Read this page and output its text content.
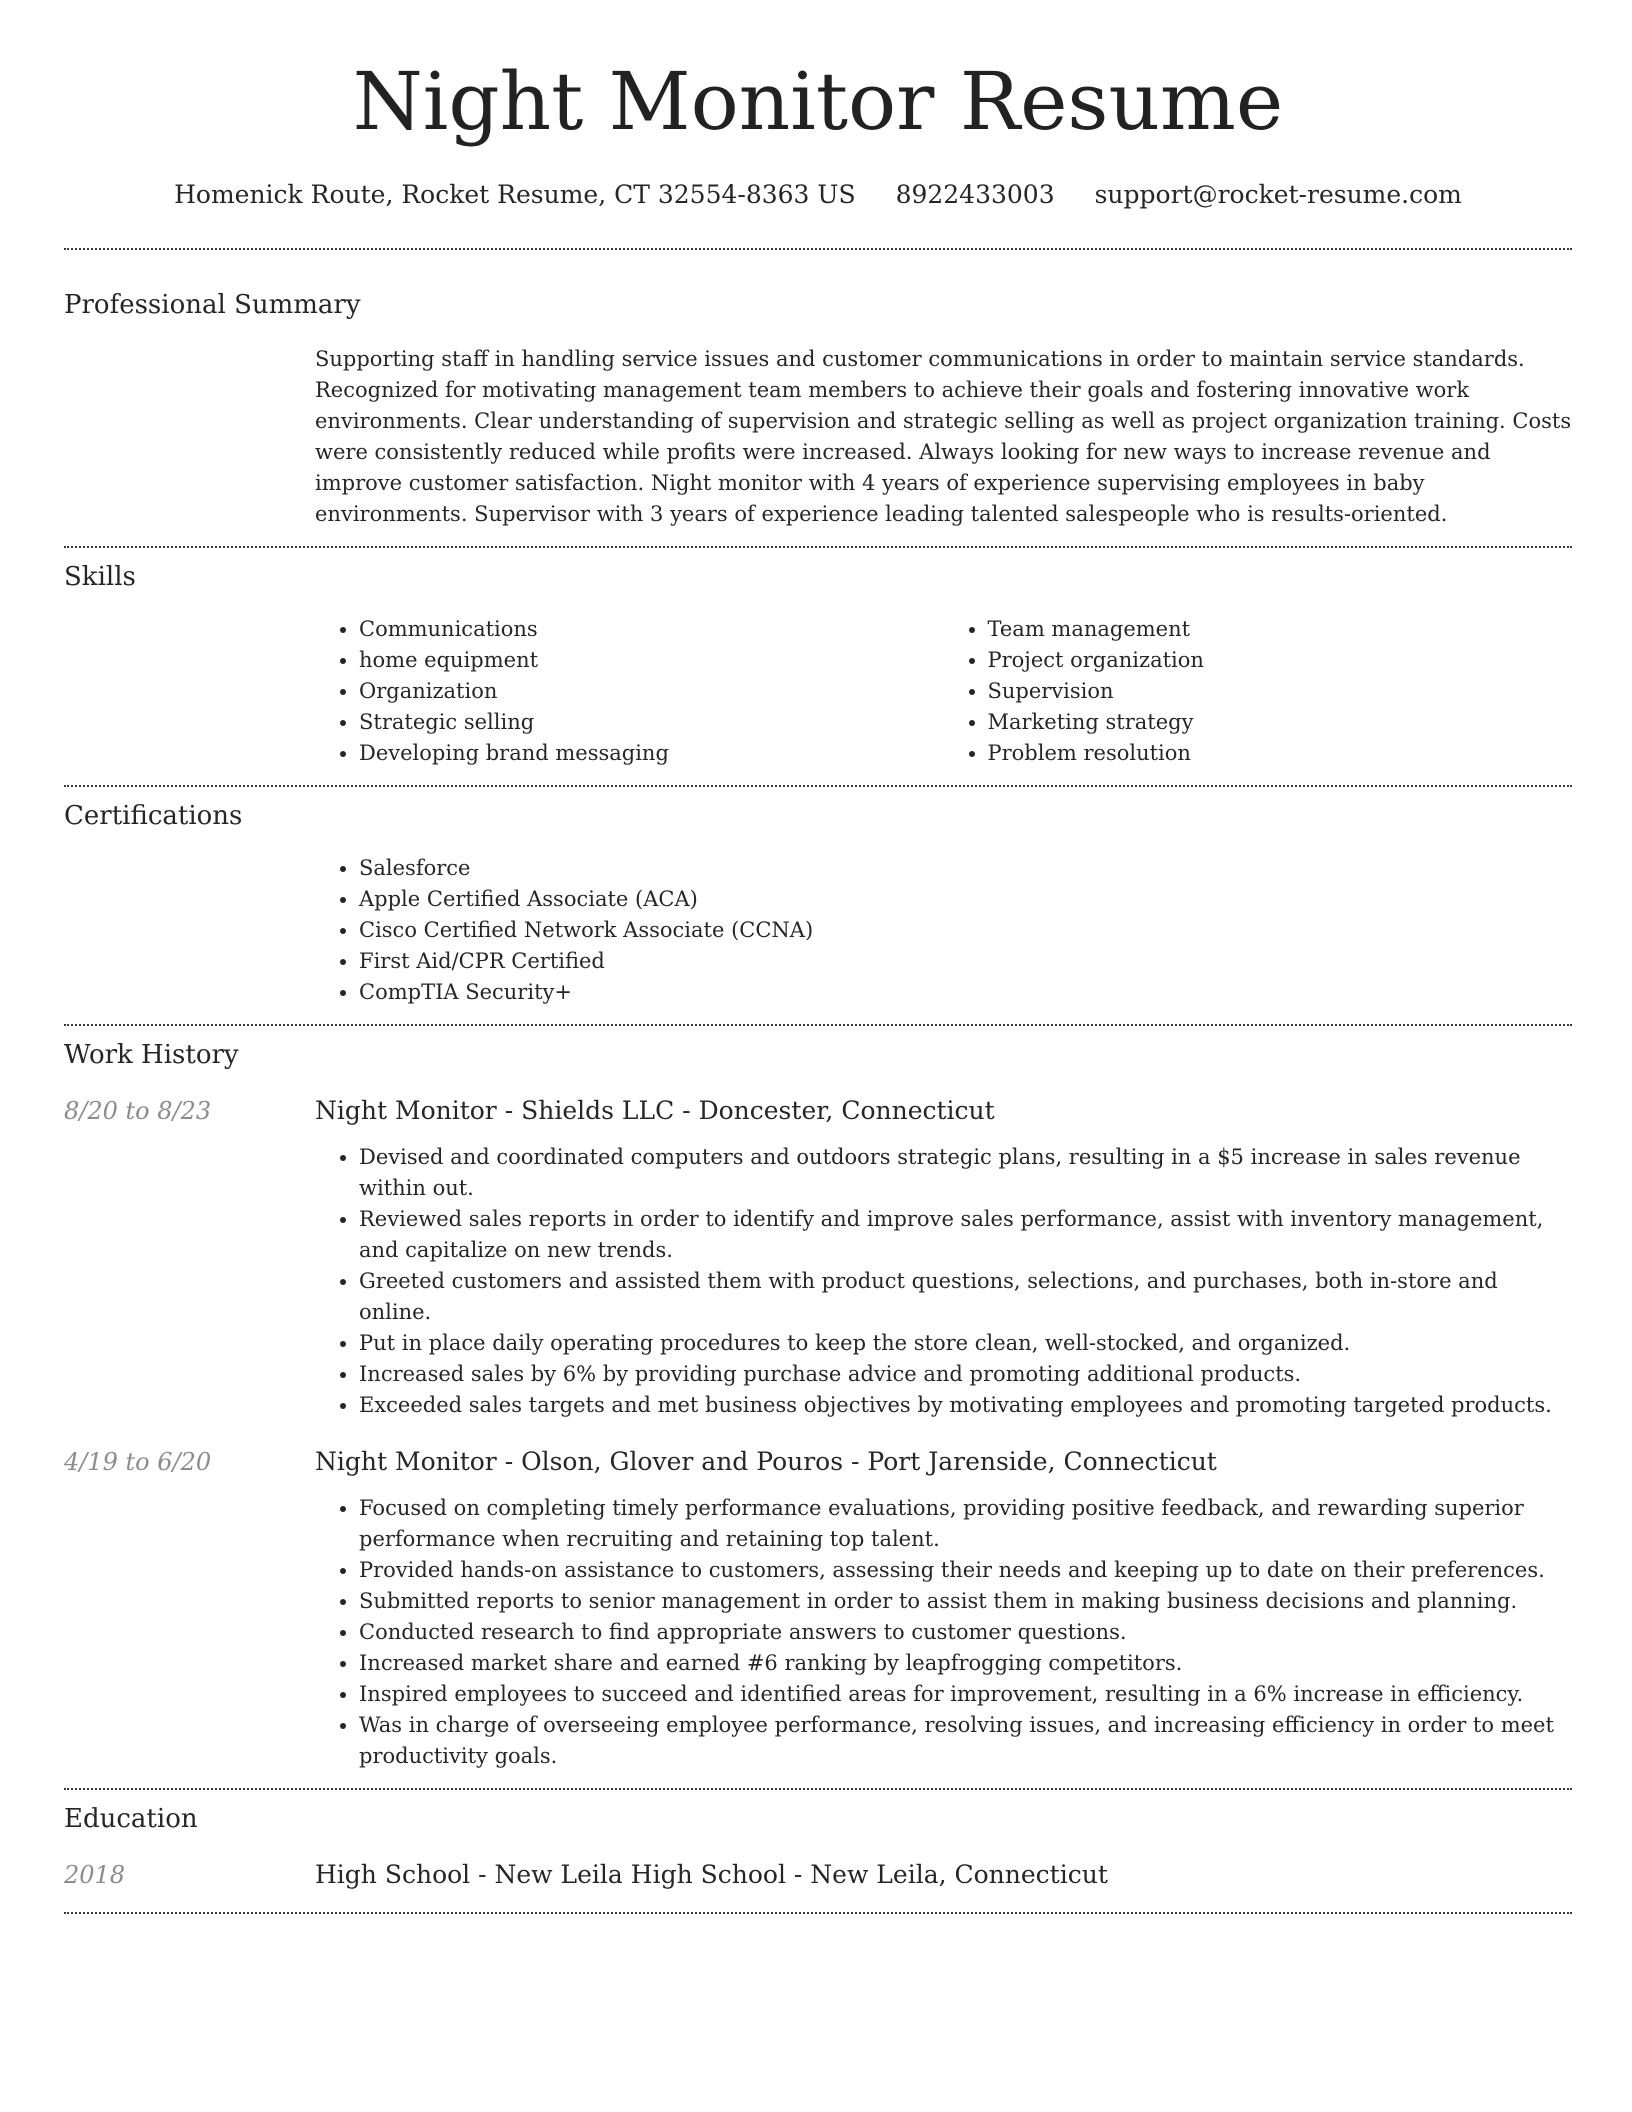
Night Monitor Resume
Homenick Route, Rocket Resume, CT 32554-8363 US 8922433003 support@rocket-resume.com
Professional Summary

Supporting staff in handling service issues and customer communications in order to maintain service standards. Recognized for motivating management team members to achieve their goals and fostering innovative work environments. Clear understanding of supervision and strategic selling as well as project organization training. Costs were consistently reduced while profits were increased. Always looking for new ways to increase revenue and improve customer satisfaction. Night monitor with 4 years of experience supervising employees in baby environments. Supervisor with 3 years of experience leading talented salespeople who is results-oriented.

Skills
• Communications
• home equipment
• Organization
• Strategic selling
• Developing brand messaging
• Team management
• Project organization
• Supervision
• Marketing strategy
• Problem resolution
Certifications
• Salesforce
• Apple Certified Associate (ACA)
• Cisco Certified Network Associate (CCNA)
• First Aid/CPR Certified
• CompTIA Security+
Work History
8/20 to 8/23	Night Monitor - Shields LLC - Doncester, Connecticut
• Devised and coordinated computers and outdoors strategic plans, resulting in a $5 increase in sales revenue within out.
• Reviewed sales reports in order to identify and improve sales performance, assist with inventory management, and capitalize on new trends.
• Greeted customers and assisted them with product questions, selections, and purchases, both in-store and online.
• Put in place daily operating procedures to keep the store clean, well-stocked, and organized.
• Increased sales by 6% by providing purchase advice and promoting additional products.
• Exceeded sales targets and met business objectives by motivating employees and promoting targeted products.
4/19 to 6/20	Night Monitor - Olson, Glover and Pouros - Port Jarenside, Connecticut
• Focused on completing timely performance evaluations, providing positive feedback, and rewarding superior performance when recruiting and retaining top talent.
• Provided hands-on assistance to customers, assessing their needs and keeping up to date on their preferences.
• Submitted reports to senior management in order to assist them in making business decisions and planning.
• Conducted research to find appropriate answers to customer questions.
• Increased market share and earned #6 ranking by leapfrogging competitors.
• Inspired employees to succeed and identified areas for improvement, resulting in a 6% increase in efficiency.
• Was in charge of overseeing employee performance, resolving issues, and increasing efficiency in order to meet productivity goals.
Education
2018	High School - New Leila High School - New Leila, Connecticut
